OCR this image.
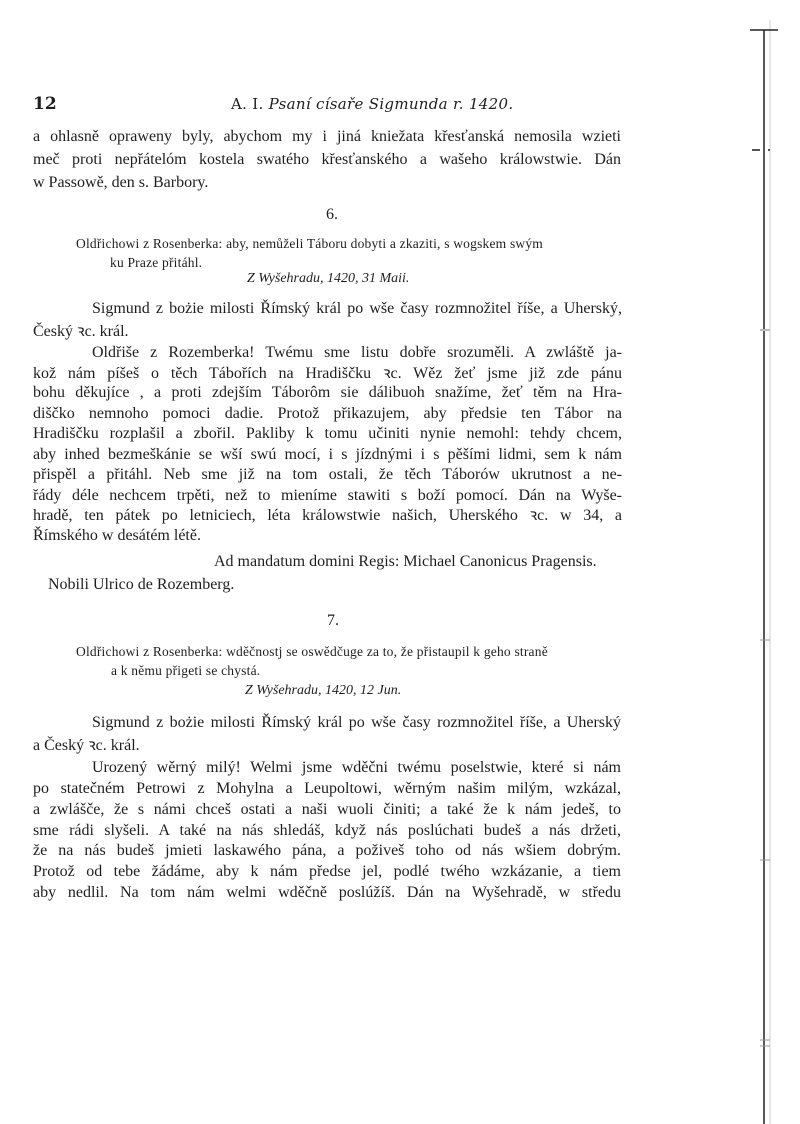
12	A. I. Psaní císaře Sigmunda r. 1420.
a ohlasně opraweny byly, abychom my i jiná kniežata křesťanská nemosila wzieti
meč proti nepřátelóm kostela swatého křesťanského a wašeho králowstwie. Dán
w Passowě, den s. Barbory.
6.
Oldřichowi z Rosenberka: aby, nemůželi Táboru dobyti a zkaziti, s wogskem swým
ku Praze přitáhl.
Z Wyšehradu, 1420, 31 Maii.
Sigmund z bożie milosti Římský král po wše časy rozmnožitel říše, a Uherský,
Český ꝛc. král.
Oldřiše z Rozemberka! Twému sme listu dobře srozuměli. A zwláště ja-
kož nám píšeš o těch Tábořích na Hradiščku ꝛc. Wěz žeť jsme již zde pánu
bohu děkujíce , a proti zdejším Táborôm sie dálibuoh snažíme, žeť těm na Hra-
diščko nemnoho pomoci dadie. Protož přikazujem, aby předsie ten Tábor na
Hradiščku rozplašil a zbořil. Pakliby k tomu učiniti nynie nemohl: tehdy chcem,
aby inhed bezmeškánie se wší swú mocí, i s jízdnými i s pěšími lidmi, sem k nám
přispěl a přitáhl. Neb sme již na tom ostali, že těch Táborów ukrutnost a ne-
řády déle nechcem trpěti, než to mieníme stawiti s boží pomocí. Dán na Wyše-
hradě, ten pátek po letniciech, léta králowstwie našich, Uherského ꝛc. w 34, a
Římského w desátém létě.
Ad mandatum domini Regis: Michael Canonicus Pragensis.
Nobili Ulrico de Rozemberg.
7.
Oldřichowi z Rosenberka: wděčnostj se oswědčuge za to, že přistaupil k geho straně
a k němu přigeti se chystá.
Z Wyšehradu, 1420, 12 Jun.
Sigmund z bożie milosti Římský král po wše časy rozmnožitel říše, a Uherský
a Český ꝛc. král.
Urozený wěrný milý! Welmi jsme wděčni twému poselstwie, které si nám
po statečném Petrowi z Mohylna a Leupoltowi, wěrným našim milým, wzkázal,
a zwlášče, že s námi chceš ostati a naši wuoli činiti; a také že k nám jedeš, to
sme rádi slyšeli. A také na nás shledáš, když nás poslúchati budeš a nás držeti,
že na nás budeš jmieti laskawého pána, a poživeš toho od nás wšiem dobrým.
Protož od tebe žádáme, aby k nám předse jel, podlé twého wzkázanie, a tiem
aby nedlil. Na tom nám welmi wděčně poslúžíš. Dán na Wyšehradě, w středu
